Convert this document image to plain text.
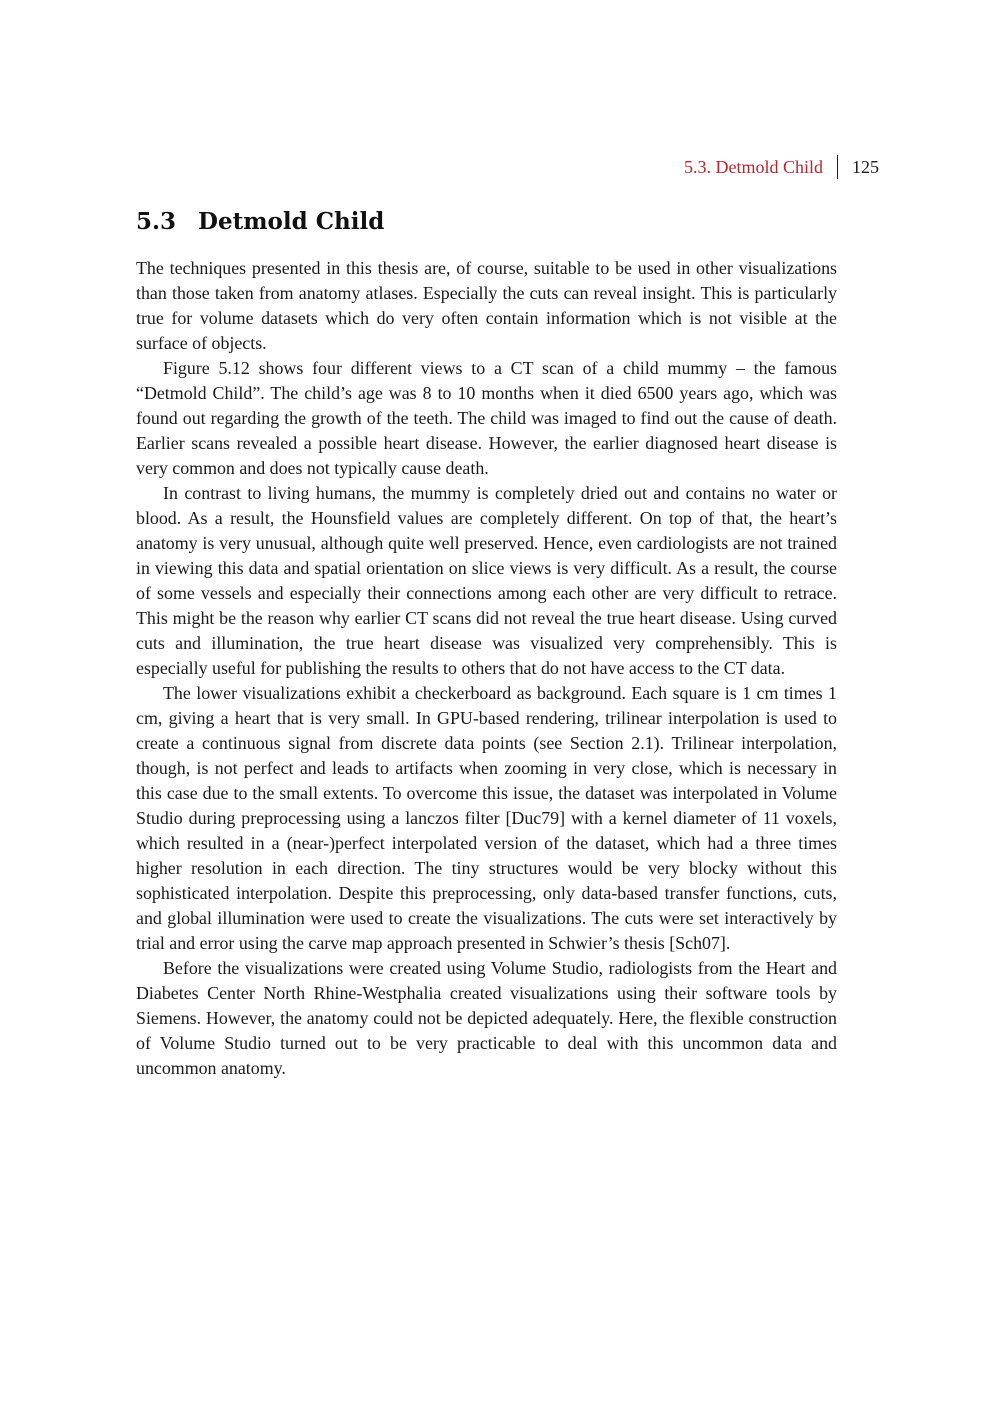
5.3. Detmold Child 125
5.3 Detmold Child

The techniques presented in this thesis are, of course, suitable to be used in other visualizations than those taken from anatomy atlases. Especially the cuts can reveal insight. This is particularly true for volume datasets which do very often contain information which is not visible at the surface of objects.

Figure 5.12 shows four different views to a CT scan of a child mummy – the famous “Detmold Child”. The child’s age was 8 to 10 months when it died 6500 years ago, which was found out regarding the growth of the teeth. The child was imaged to find out the cause of death. Earlier scans revealed a possible heart disease. However, the earlier diagnosed heart disease is very common and does not typically cause death.

In contrast to living humans, the mummy is completely dried out and contains no water or blood. As a result, the Hounsfield values are completely different. On top of that, the heart’s anatomy is very unusual, although quite well preserved. Hence, even cardiologists are not trained in viewing this data and spatial orientation on slice views is very difficult. As a result, the course of some vessels and especially their connections among each other are very difficult to retrace. This might be the reason why earlier CT scans did not reveal the true heart disease. Using curved cuts and illumination, the true heart disease was visualized very comprehensibly. This is especially useful for publishing the results to others that do not have access to the CT data.

The lower visualizations exhibit a checkerboard as background. Each square is 1 cm times 1 cm, giving a heart that is very small. In GPU-based rendering, trilinear interpolation is used to create a continuous signal from discrete data points (see Section 2.1). Trilinear interpolation, though, is not perfect and leads to artifacts when zooming in very close, which is necessary in this case due to the small extents. To overcome this issue, the dataset was interpolated in Volume Studio during preprocessing using a lanczos filter [Duc79] with a kernel diameter of 11 voxels, which resulted in a (near-)perfect interpolated version of the dataset, which had a three times higher resolution in each direction. The tiny structures would be very blocky without this sophisticated interpolation. Despite this preprocessing, only data-based transfer functions, cuts, and global illumination were used to create the visualizations. The cuts were set interactively by trial and error using the carve map approach presented in Schwier’s thesis [Sch07].

Before the visualizations were created using Volume Studio, radiologists from the Heart and Diabetes Center North Rhine-Westphalia created visualizations using their software tools by Siemens. However, the anatomy could not be depicted adequately. Here, the flexible construction of Volume Studio turned out to be very practicable to deal with this uncommon data and uncommon anatomy.
